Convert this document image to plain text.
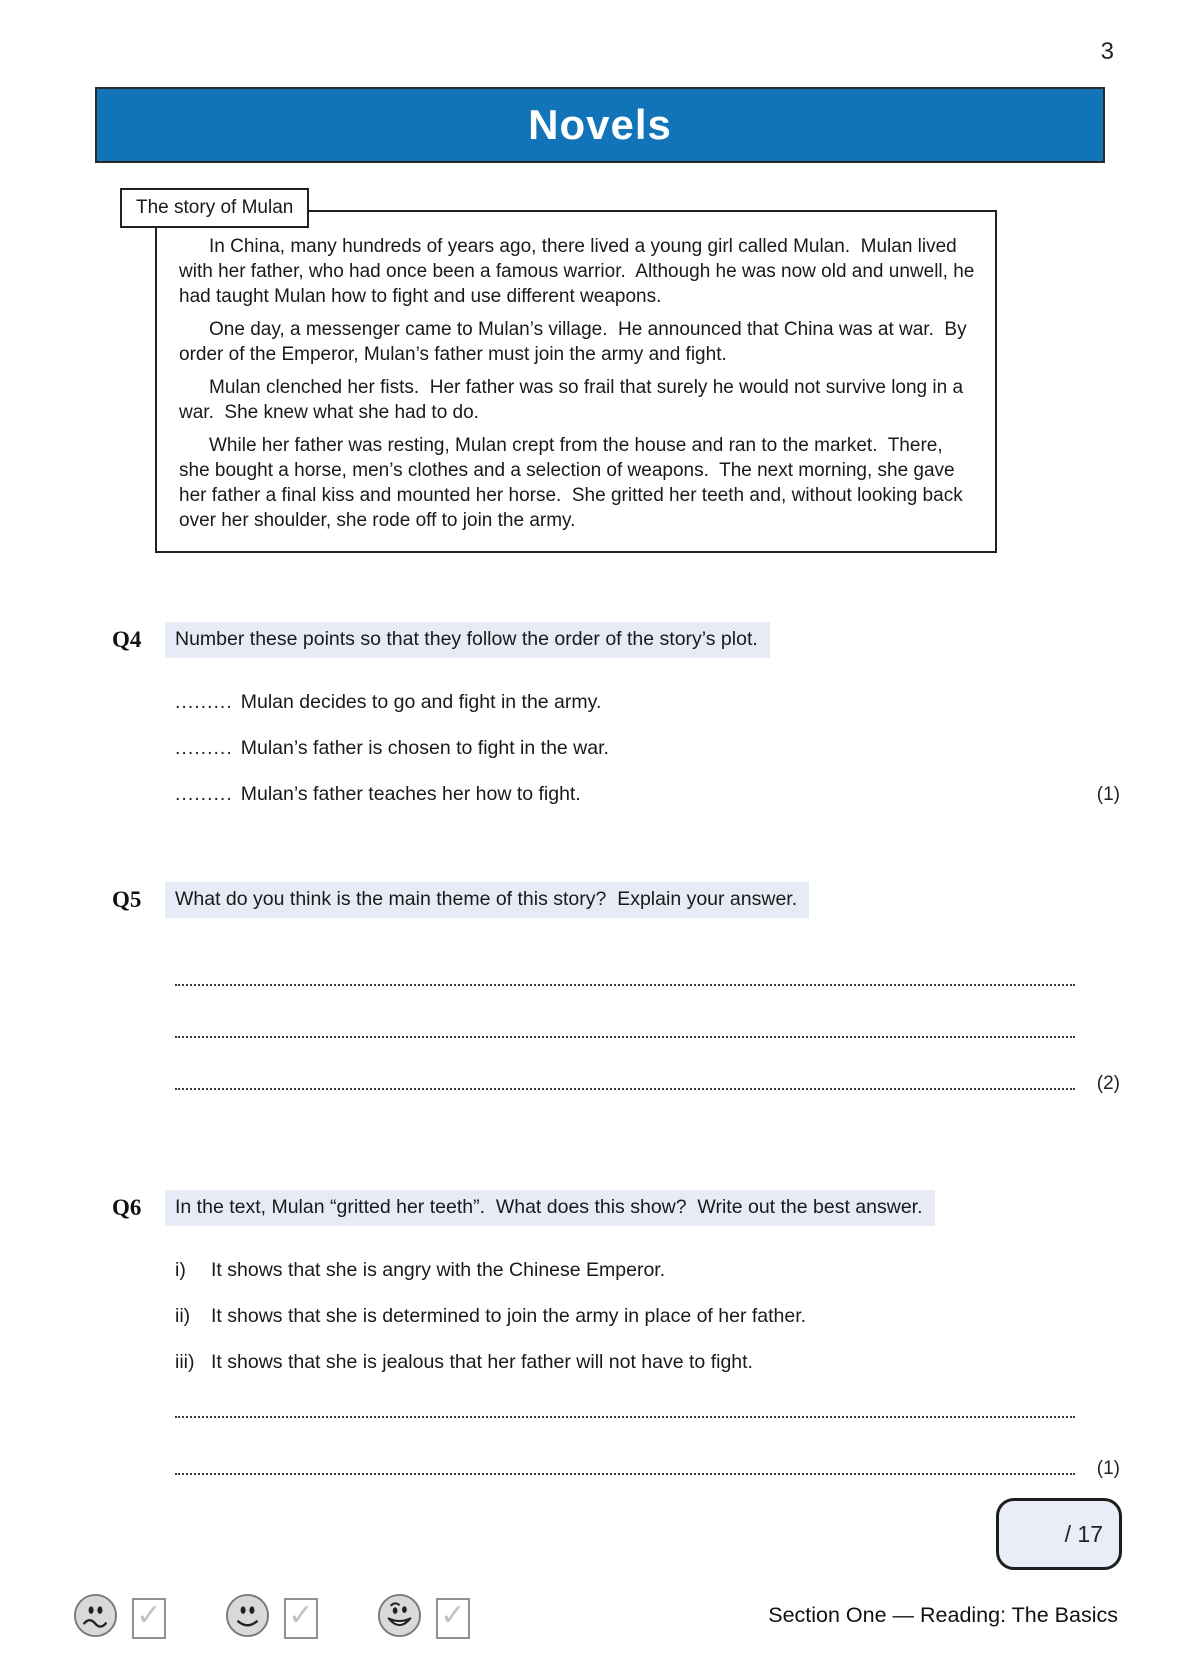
3
Novels
The story of Mulan

In China, many hundreds of years ago, there lived a young girl called Mulan.  Mulan lived with her father, who had once been a famous warrior.  Although he was now old and unwell, he had taught Mulan how to fight and use different weapons.

One day, a messenger came to Mulan’s village.  He announced that China was at war.  By order of the Emperor, Mulan’s father must join the army and fight.

Mulan clenched her fists.  Her father was so frail that surely he would not survive long in a war.  She knew what she had to do.

While her father was resting, Mulan crept from the house and ran to the market.  There, she bought a horse, men’s clothes and a selection of weapons.  The next morning, she gave her father a final kiss and mounted her horse.  She gritted her teeth and, without looking back over her shoulder, she rode off to join the army.

Q4 Number these points so that they follow the order of the story’s plot.
......... Mulan decides to go and fight in the army.
......... Mulan’s father is chosen to fight in the war.
......... Mulan’s father teaches her how to fight.	(1)
Q5 What do you think is the main theme of this story?  Explain your answer.
(2)
Q6 In the text, Mulan “gritted her teeth”.  What does this show?  Write out the best answer.
i)	It shows that she is angry with the Chinese Emperor.
ii)	It shows that she is determined to join the army in place of her father.
iii) It shows that she is jealous that her father will not have to fight.
(1)
/ 17
✓	✓	✓	Section One — Reading: The Basics
